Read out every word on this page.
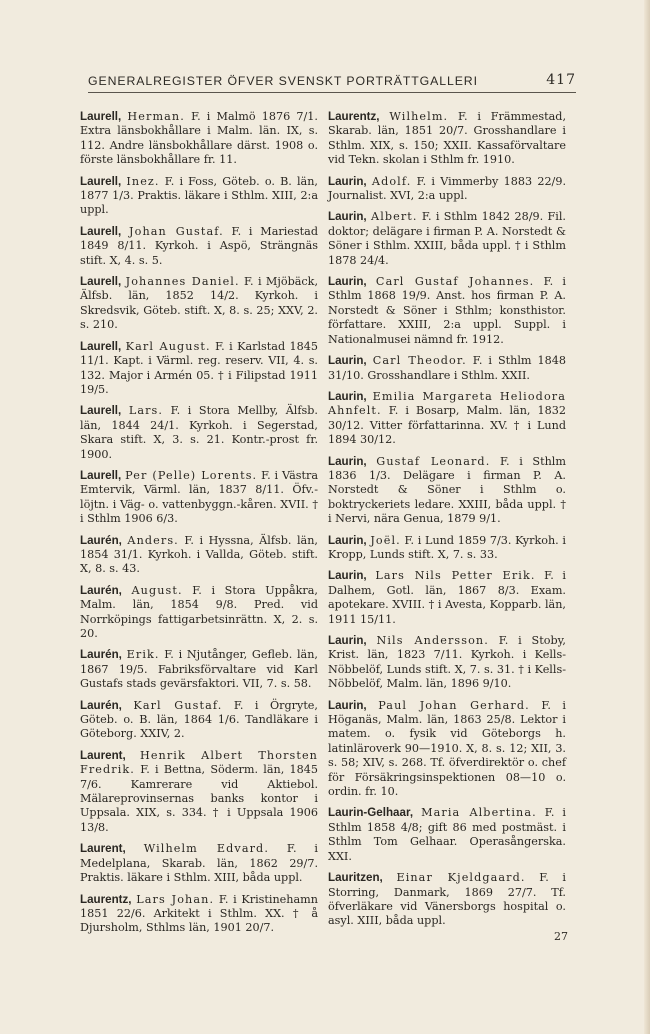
GENERALREGISTER ÖFVER SVENSKT PORTRÄTTGALLERI	417

Laurell, Herman. F. i Malmö 1876 7/1. Extra länsbokhållare i Malm. län. IX, s. 112. Andre länsbokhållare därst. 1908 o. förste länsbokhållare fr. 11.

Laurell, Inez. F. i Foss, Göteb. o. B. län, 1877 1/3. Praktis. läkare i Sthlm. XIII, 2:a uppl.

Laurell, Johan Gustaf. F. i Mariestad 1849 8/11. Kyrkoh. i Aspö, Strängnäs stift. X, 4. s. 5.

Laurell, Johannes Daniel. F. i Mjöbäck, Älfsb. län, 1852 14/2. Kyrkoh. i Skredsvik, Göteb. stift. X, 8. s. 25; XXV, 2. s. 210.

Laurell, Karl August. F. i Karlstad 1845 11/1. Kapt. i Värml. reg. reserv. VII, 4. s. 132. Major i Armén 05. † i Filipstad 1911 19/5.

Laurell, Lars. F. i Stora Mellby, Älfsb. län, 1844 24/1. Kyrkoh. i Segerstad, Skara stift. X, 3. s. 21. Kontr.-prost fr. 1900.

Laurell, Per (Pelle) Lorents. F. i Västra Emtervik, Värml. län, 1837 8/11. Öfv.-löjtn. i Väg- o. vattenbyggn.-kåren. XVII. † i Sthlm 1906 6/3.

Laurén, Anders. F. i Hyssna, Älfsb. län, 1854 31/1. Kyrkoh. i Vallda, Göteb. stift. X, 8. s. 43.

Laurén, August. F. i Stora Uppåkra, Malm. län, 1854 9/8. Pred. vid Norrköpings fattigarbetsinrättn. X, 2. s. 20.

Laurén, Erik. F. i Njutånger, Gefleb. län, 1867 19/5. Fabriksförvaltare vid Karl Gustafs stads gevärsfaktori. VII, 7. s. 58.

Laurén, Karl Gustaf. F. i Örgryte, Göteb. o. B. län, 1864 1/6. Tandläkare i Göteborg. XXIV, 2.

Laurent, Henrik Albert Thorsten Fredrik. F. i Bettna, Söderm. län, 1845 7/6. Kamrerare vid Aktiebol. Mälareprovinsernas banks kontor i Uppsala. XIX, s. 334. † i Uppsala 1906 13/8.

Laurent, Wilhelm Edvard. F. i Medelplana, Skarab. län, 1862 29/7. Praktis. läkare i Sthlm. XIII, båda uppl.

Laurentz, Lars Johan. F. i Kristinehamn 1851 22/6. Arkitekt i Sthlm. XX. † å Djursholm, Sthlms län, 1901 20/7.

Laurentz, Wilhelm. F. i Främmestad, Skarab. län, 1851 20/7. Grosshandlare i Sthlm. XIX, s. 150; XXII. Kassaförvaltare vid Tekn. skolan i Sthlm fr. 1910.

Laurin, Adolf. F. i Vimmerby 1883 22/9. Journalist. XVI, 2:a uppl.

Laurin, Albert. F. i Sthlm 1842 28/9. Fil. doktor; delägare i firman P. A. Norstedt & Söner i Sthlm. XXIII, båda uppl. † i Sthlm 1878 24/4.

Laurin, Carl Gustaf Johannes. F. i Sthlm 1868 19/9. Anst. hos firman P. A. Norstedt & Söner i Sthlm; konsthistor. författare. XXIII, 2:a uppl. Suppl. i Nationalmusei nämnd fr. 1912.

Laurin, Carl Theodor. F. i Sthlm 1848 31/10. Grosshandlare i Sthlm. XXII.

Laurin, Emilia Margareta Heliodora Ahnfelt. F. i Bosarp, Malm. län, 1832 30/12. Vitter författarinna. XV. † i Lund 1894 30/12.

Laurin, Gustaf Leonard. F. i Sthlm 1836 1/3. Delägare i firman P. A. Norstedt & Söner i Sthlm o. boktryckeriets ledare. XXIII, båda uppl. † i Nervi, nära Genua, 1879 9/1.

Laurin, Joël. F. i Lund 1859 7/3. Kyrkoh. i Kropp, Lunds stift. X, 7. s. 33.

Laurin, Lars Nils Petter Erik. F. i Dalhem, Gotl. län, 1867 8/3. Exam. apotekare. XVIII. † i Avesta, Kopparb. län, 1911 15/11.

Laurin, Nils Andersson. F. i Stoby, Krist. län, 1823 7/11. Kyrkoh. i Kells-Nöbbelöf, Lunds stift. X, 7. s. 31. † i Kells-Nöbbelöf, Malm. län, 1896 9/10.

Laurin, Paul Johan Gerhard. F. i Höganäs, Malm. län, 1863 25/8. Lektor i matem. o. fysik vid Göteborgs h. latinläroverk 90—1910. X, 8. s. 12; XII, 3. s. 58; XIV, s. 268. Tf. öfverdirektör o. chef för Försäkringsinspektionen 08—10 o. ordin. fr. 10.

Laurin-Gelhaar, Maria Albertina. F. i Sthlm 1858 4/8; gift 86 med postmäst. i Sthlm Tom Gelhaar. Operasångerska. XXI.

Lauritzen, Einar Kjeldgaard. F. i Storring, Danmark, 1869 27/7. Tf. öfverläkare vid Vänersborgs hospital o. asyl. XIII, båda uppl.

27
